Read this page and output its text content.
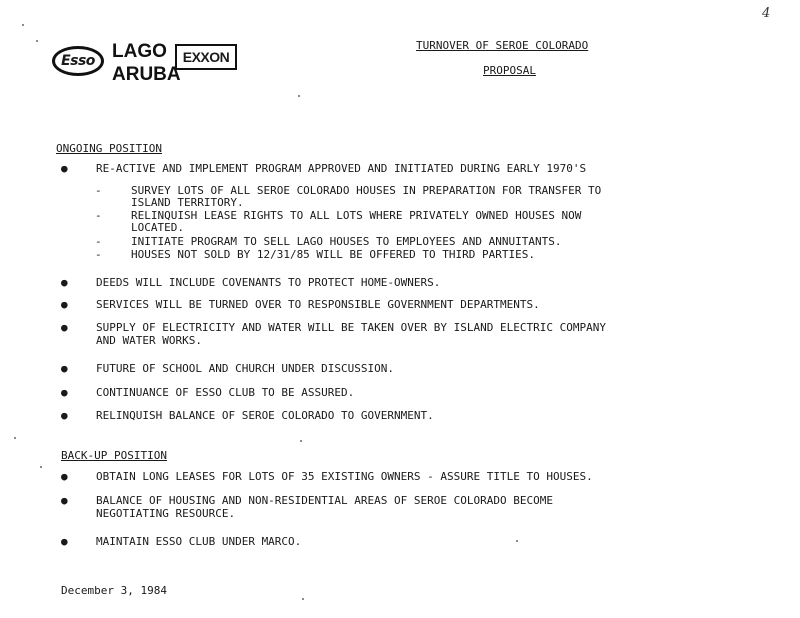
4
Esso LAGO
ARUBA
EXXON
TURNOVER OF SEROE COLORADO
PROPOSAL
ONGOING POSITION
●	RE-ACTIVE AND IMPLEMENT PROGRAM APPROVED AND INITIATED DURING EARLY 1970'S
-	SURVEY LOTS OF ALL SEROE COLORADO HOUSES IN PREPARATION FOR TRANSFER TO
ISLAND TERRITORY.
-	RELINQUISH LEASE RIGHTS TO ALL LOTS WHERE PRIVATELY OWNED HOUSES NOW
LOCATED.
-	INITIATE PROGRAM TO SELL LAGO HOUSES TO EMPLOYEES AND ANNUITANTS.
-	HOUSES NOT SOLD BY 12/31/85 WILL BE OFFERED TO THIRD PARTIES.
●	DEEDS WILL INCLUDE COVENANTS TO PROTECT HOME-OWNERS.
●	SERVICES WILL BE TURNED OVER TO RESPONSIBLE GOVERNMENT DEPARTMENTS.
●	SUPPLY OF ELECTRICITY AND WATER WILL BE TAKEN OVER BY ISLAND ELECTRIC COMPANY
AND WATER WORKS.
●	FUTURE OF SCHOOL AND CHURCH UNDER DISCUSSION.
●	CONTINUANCE OF ESSO CLUB TO BE ASSURED.
●	RELINQUISH BALANCE OF SEROE COLORADO TO GOVERNMENT.
BACK-UP POSITION
●	OBTAIN LONG LEASES FOR LOTS OF 35 EXISTING OWNERS - ASSURE TITLE TO HOUSES.
●	BALANCE OF HOUSING AND NON-RESIDENTIAL AREAS OF SEROE COLORADO BECOME
NEGOTIATING RESOURCE.
●	MAINTAIN ESSO CLUB UNDER MARCO.
December 3, 1984
